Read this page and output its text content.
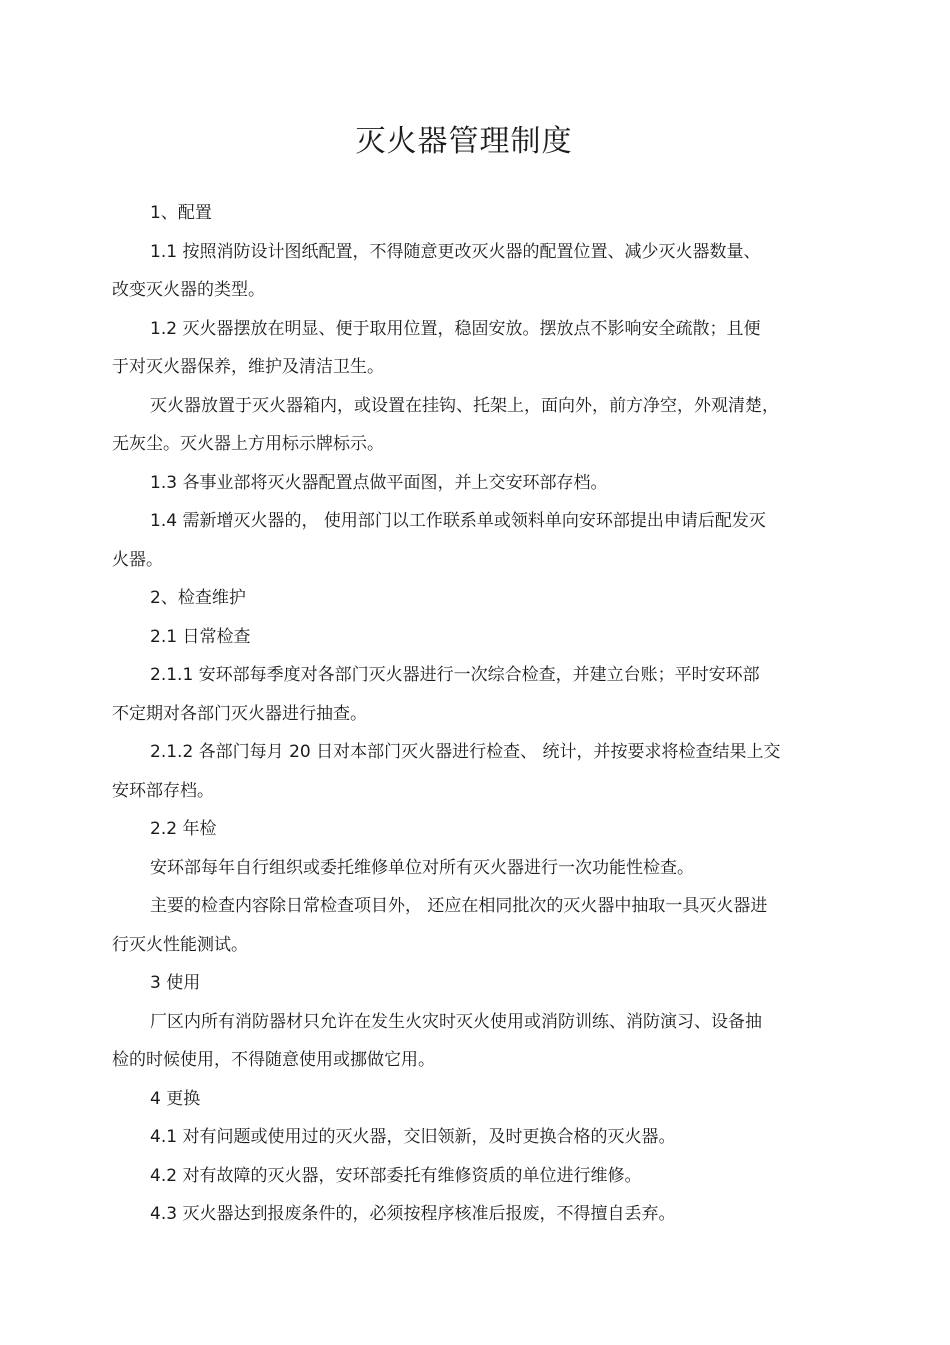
灭火器管理制度
1、配置
1.1 按照消防设计图纸配置，不得随意更改灭火器的配置位置、减少灭火器数量、
改变灭火器的类型。
1.2 灭火器摆放在明显、便于取用位置，稳固安放。摆放点不影响安全疏散；且便
于对灭火器保养，维护及清洁卫生。
灭火器放置于灭火器箱内，或设置在挂钩、托架上，面向外，前方净空，外观清楚，
无灰尘。灭火器上方用标示牌标示。
1.3 各事业部将灭火器配置点做平面图，并上交安环部存档。
1.4 需新增灭火器的， 使用部门以工作联系单或领料单向安环部提出申请后配发灭
火器。
2、检查维护
2.1 日常检查
2.1.1 安环部每季度对各部门灭火器进行一次综合检查，并建立台账；平时安环部
不定期对各部门灭火器进行抽查。
2.1.2 各部门每月 20 日对本部门灭火器进行检查、 统计，并按要求将检查结果上交
安环部存档。
2.2 年检
安环部每年自行组织或委托维修单位对所有灭火器进行一次功能性检查。
主要的检查内容除日常检查项目外， 还应在相同批次的灭火器中抽取一具灭火器进
行灭火性能测试。
3 使用
厂区内所有消防器材只允许在发生火灾时灭火使用或消防训练、消防演习、设备抽
检的时候使用，不得随意使用或挪做它用。
4 更换
4.1 对有问题或使用过的灭火器，交旧领新，及时更换合格的灭火器。
4.2 对有故障的灭火器，安环部委托有维修资质的单位进行维修。
4.3 灭火器达到报废条件的，必须按程序核准后报废，不得擅自丢弃。
